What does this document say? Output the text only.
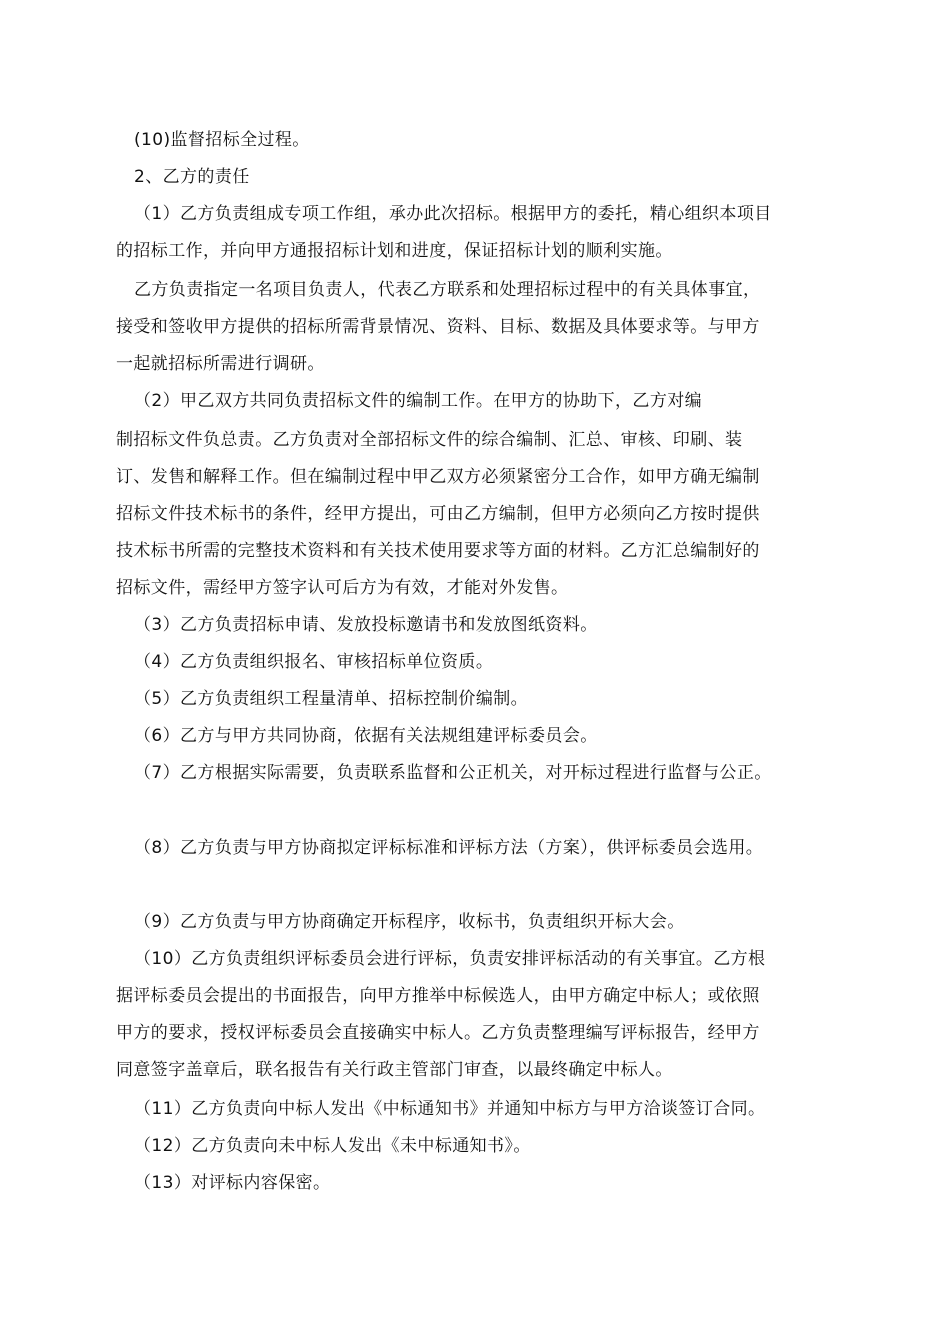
(10)监督招标全过程。
2、乙方的责任
（1）乙方负责组成专项工作组，承办此次招标。根据甲方的委托，精心组织本项目
的招标工作，并向甲方通报招标计划和进度，保证招标计划的顺利实施。
乙方负责指定一名项目负责人，代表乙方联系和处理招标过程中的有关具体事宜，
接受和签收甲方提供的招标所需背景情况、资料、目标、数据及具体要求等。与甲方
一起就招标所需进行调研。
（2）甲乙双方共同负责招标文件的编制工作。在甲方的协助下，乙方对编
制招标文件负总责。乙方负责对全部招标文件的综合编制、汇总、审核、印刷、装
订、发售和解释工作。但在编制过程中甲乙双方必须紧密分工合作，如甲方确无编制
招标文件技术标书的条件，经甲方提出，可由乙方编制，但甲方必须向乙方按时提供
技术标书所需的完整技术资料和有关技术使用要求等方面的材料。乙方汇总编制好的
招标文件，需经甲方签字认可后方为有效，才能对外发售。
（3）乙方负责招标申请、发放投标邀请书和发放图纸资料。
（4）乙方负责组织报名、审核招标单位资质。
（5）乙方负责组织工程量清单、招标控制价编制。
（6）乙方与甲方共同协商，依据有关法规组建评标委员会。
（7）乙方根据实际需要，负责联系监督和公正机关，对开标过程进行监督与公正。
（8）乙方负责与甲方协商拟定评标标准和评标方法（方案），供评标委员会选用。
（9）乙方负责与甲方协商确定开标程序，收标书，负责组织开标大会。
（10）乙方负责组织评标委员会进行评标，负责安排评标活动的有关事宜。乙方根
据评标委员会提出的书面报告，向甲方推举中标候选人，由甲方确定中标人；或依照
甲方的要求，授权评标委员会直接确实中标人。乙方负责整理编写评标报告，经甲方
同意签字盖章后，联名报告有关行政主管部门审查，以最终确定中标人。
（11）乙方负责向中标人发出《中标通知书》并通知中标方与甲方洽谈签订合同。
（12）乙方负责向未中标人发出《未中标通知书》。
（13）对评标内容保密。
